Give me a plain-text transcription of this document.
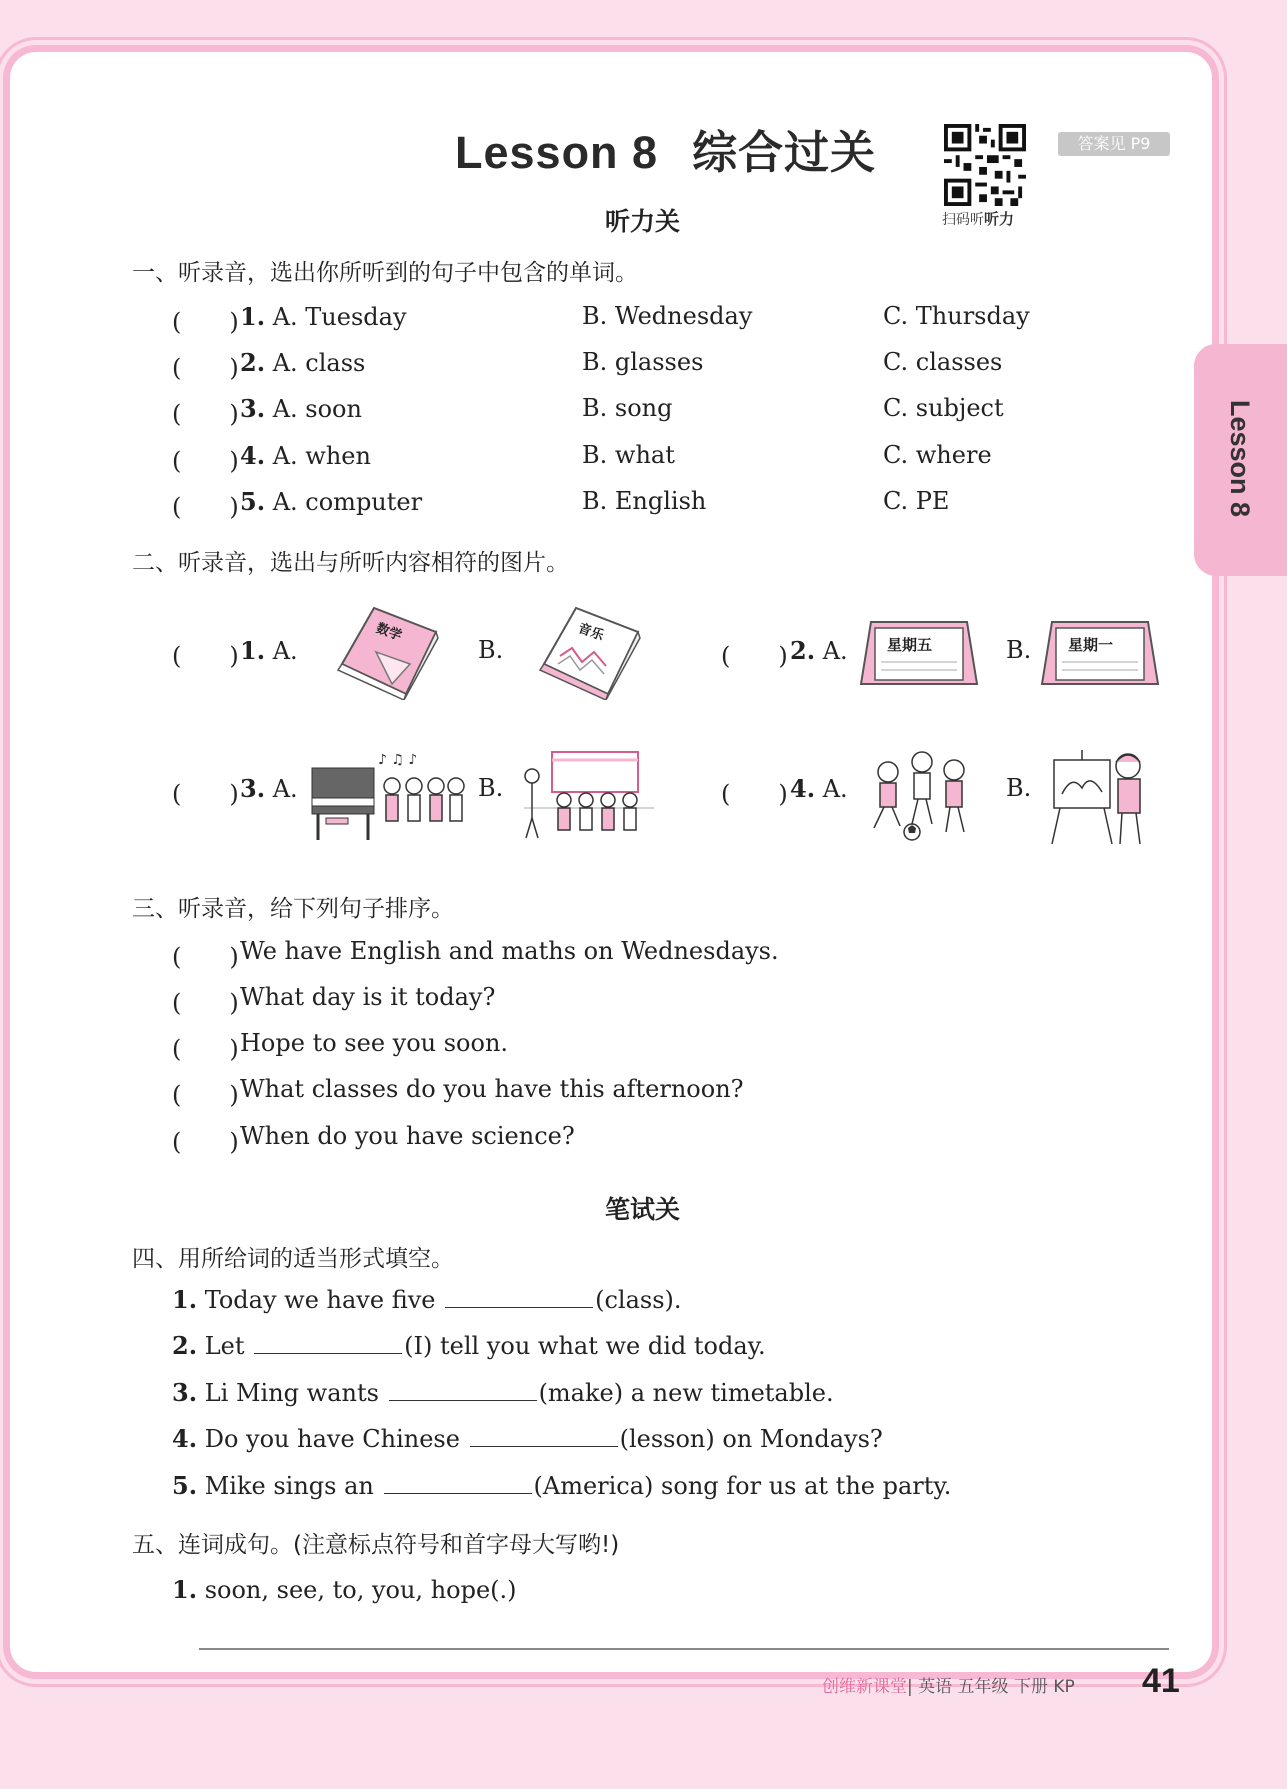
Lesson 8
Lesson 8 综合过关
扫码听听力
答案见 P9
听力关
一、听录音，选出你所听到的句子中包含的单词。
(　　) 1. A. Tuesday	B. Wednesday	C. Thursday
(　　) 2. A. class	B. glasses	C. classes
(　　) 3. A. soon	B. song	C. subject
(　　) 4. A. when	B. what	C. where
(　　) 5. A. computer	B. English	C. PE
二、听录音，选出与所听内容相符的图片。
(　　) 1. A.	B.	(　　) 2. A.	B.
数学	音乐
星期五	星期一
(　　) 3. A.	B.	(　　) 4. A.	B.
♪ ♫ ♪
三、听录音，给下列句子排序。
(　　) We have English and maths on Wednesdays.
(　　) What day is it today?
(　　) Hope to see you soon.
(　　) What classes do you have this afternoon?
(　　) When do you have science?
笔试关
四、用所给词的适当形式填空。
1. Today we have five	(class).
2. Let	(I) tell you what we did today.
3. Li Ming wants	(make) a new timetable.
4. Do you have Chinese	(lesson) on Mondays?
5. Mike sings an	(America) song for us at the party.
五、连词成句。(注意标点符号和首字母大写哟!)
1. soon, see, to, you, hope(.)
创维新课堂| 英语 五年级 下册 KP 41
